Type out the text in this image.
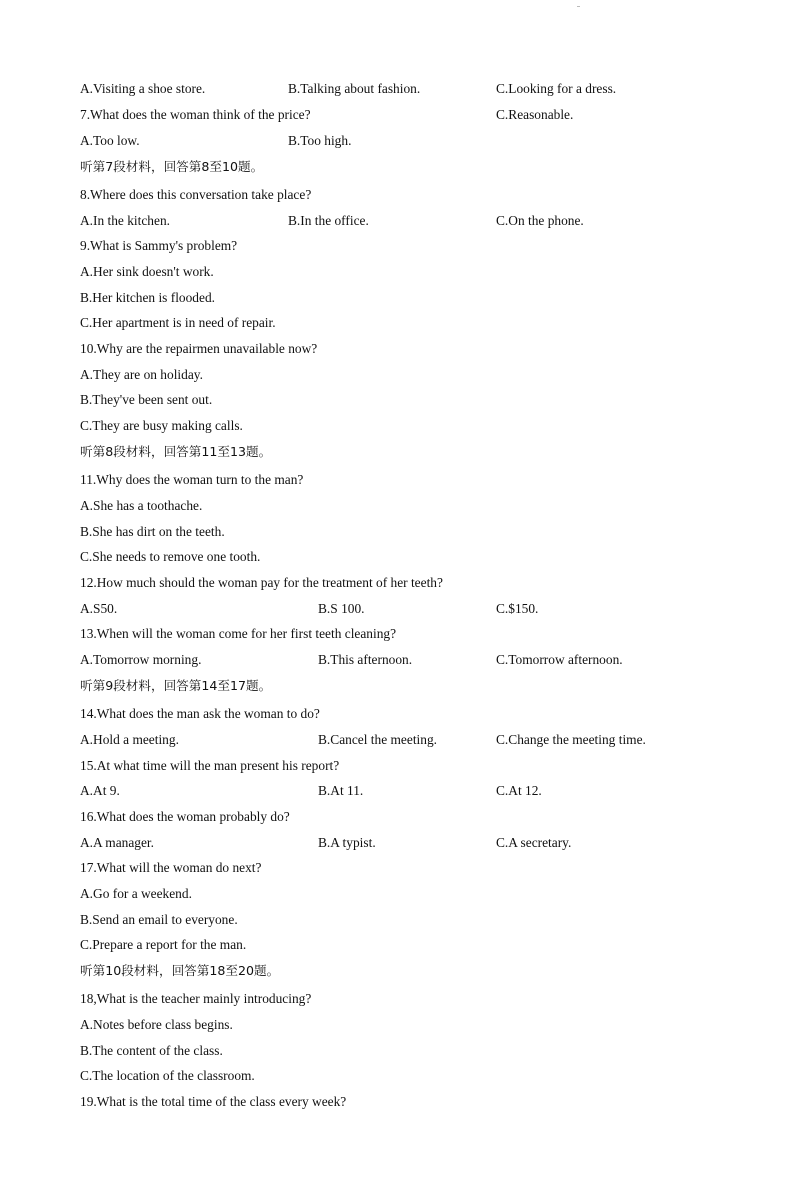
A.Visiting a shoe store.	B.Talking about fashion.	C.Looking for a dress.
7.What does the woman think of the price?	C.Reasonable.
A.Too low.	B.Too high.
听第7段材料，回答第8至10题。
8.Where does this conversation take place?
A.In the kitchen.	B.In the office.	C.On the phone.
9.What is Sammy's problem?
A.Her sink doesn't work.
B.Her kitchen is flooded.
C.Her apartment is in need of repair.
10.Why are the repairmen unavailable now?
A.They are on holiday.
B.They've been sent out.
C.They are busy making calls.
听第8段材料，回答第11至13题。
11.Why does the woman turn to the man?
A.She has a toothache.
B.She has dirt on the teeth.
C.She needs to remove one tooth.
12.How much should the woman pay for the treatment of her teeth?
A.S50.	B.S 100.	C.$150.
13.When will the woman come for her first teeth cleaning?
A.Tomorrow morning.	B.This afternoon.	C.Tomorrow afternoon.
听第9段材料，回答第14至17题。
14.What does the man ask the woman to do?
A.Hold a meeting.	B.Cancel the meeting.	C.Change the meeting time.
15.At what time will the man present his report?
A.At 9.	B.At 11.	C.At 12.
16.What does the woman probably do?
A.A manager.	B.A typist.	C.A secretary.
17.What will the woman do next?
A.Go for a weekend.
B.Send an email to everyone.
C.Prepare a report for the man.
听第10段材料，回答第18至20题。
18,What is the teacher mainly introducing?
A.Notes before class begins.
B.The content of the class.
C.The location of the classroom.
19.What is the total time of the class every week?
